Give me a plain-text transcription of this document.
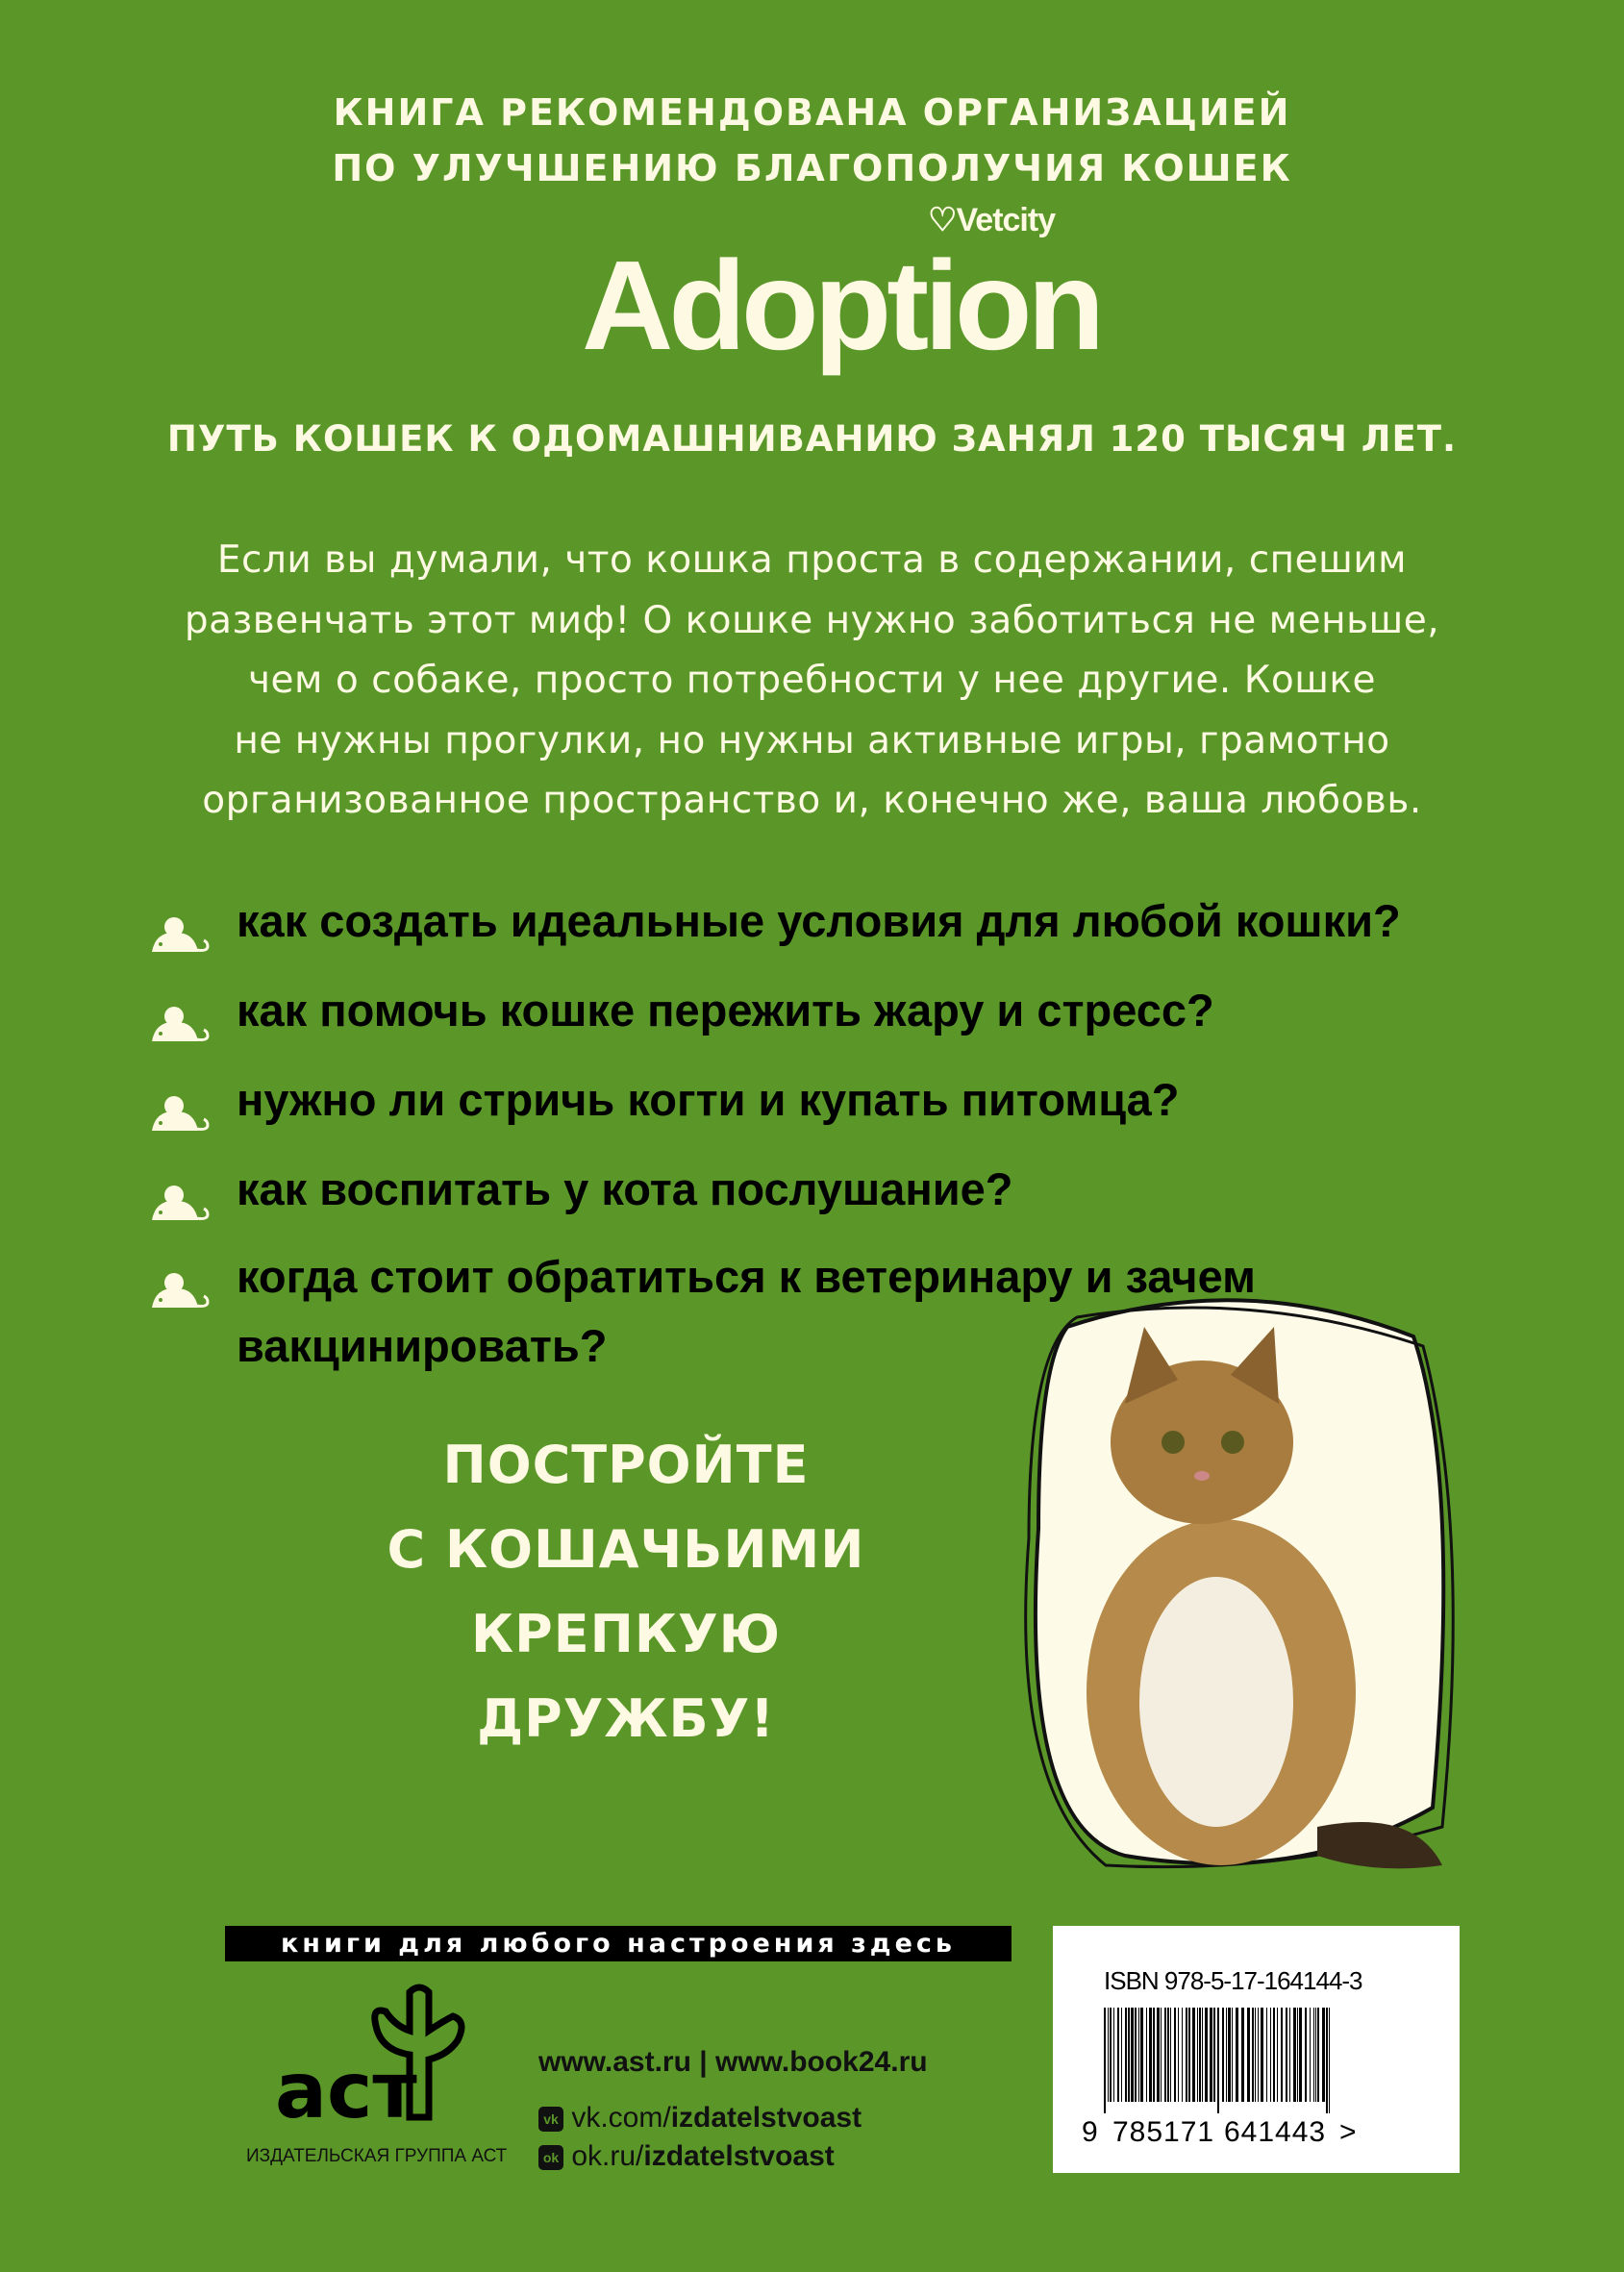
КНИГА РЕКОМЕНДОВАНА ОРГАНИЗАЦИЕЙ
ПО УЛУЧШЕНИЮ БЛАГОПОЛУЧИЯ КОШЕК
Adoption
♡Vetcity
ПУТЬ КОШЕК К ОДОМАШНИВАНИЮ ЗАНЯЛ 120 ТЫСЯЧ ЛЕТ.
Если вы думали, что кошка проста в содержании, спешим
развенчать этот миф! О кошке нужно заботиться не меньше,
чем о собаке, просто потребности у нее другие. Кошке
не нужны прогулки, но нужны активные игры, грамотно
организованное пространство и, конечно же, ваша любовь.
как создать идеальные условия для любой кошки?
как помочь кошке пережить жару и стресс?
нужно ли стричь когти и купать питомца?
как воспитать у кота послушание?
когда стоит обратиться к ветеринару и зачем вакцинировать?
ПОСТРОЙТЕ
С КОШАЧЬИМИ
КРЕПКУЮ
ДРУЖБУ!
книги для любого настроения здесь
аст
ИЗДАТЕЛЬСКАЯ ГРУППА АСТ
www.ast.ru | www.book24.ru
vk vk.com/izdatelstvoast
ok ok.ru/izdatelstvoast
ISBN 978-5-17-164144-3
9 785171 641443 >
